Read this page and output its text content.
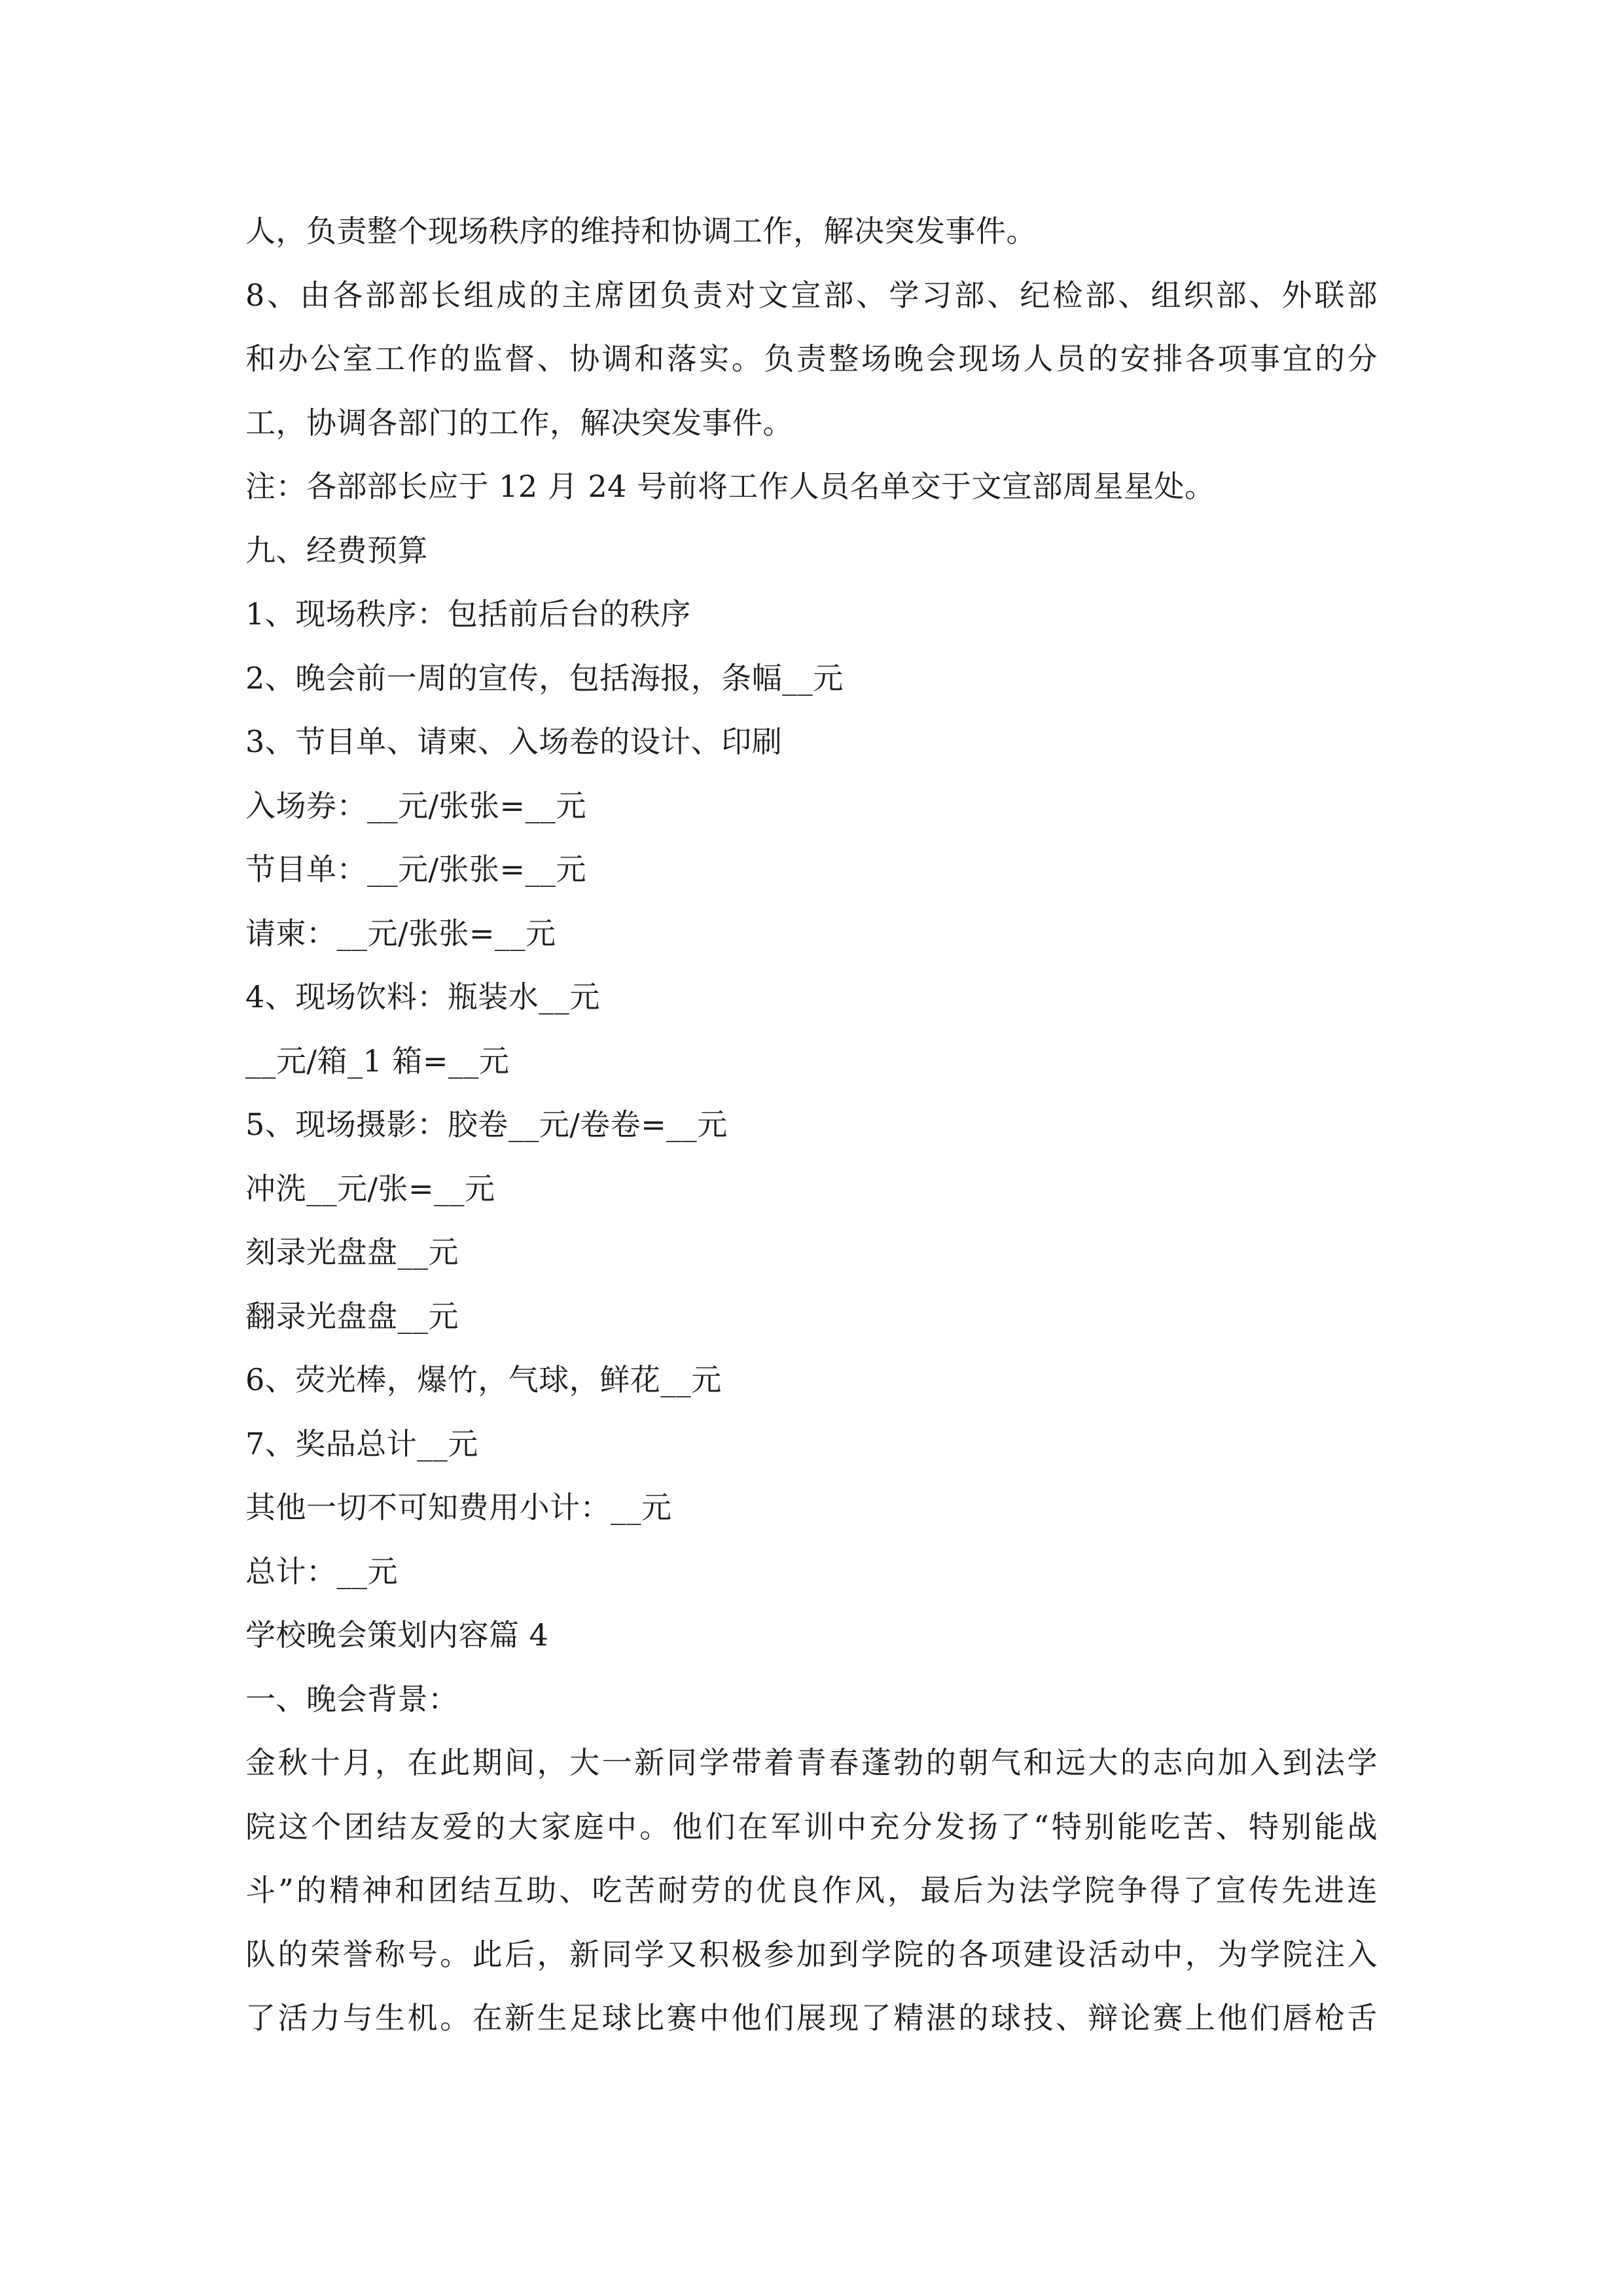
人，负责整个现场秩序的维持和协调工作，解决突发事件。
8、由各部部长组成的主席团负责对文宣部、学习部、纪检部、组织部、外联部
和办公室工作的监督、协调和落实。负责整场晚会现场人员的安排各项事宜的分
工，协调各部门的工作，解决突发事件。
注：各部部长应于 12 月 24 号前将工作人员名单交于文宣部周星星处。
九、经费预算
1、现场秩序：包括前后台的秩序
2、晚会前一周的宣传，包括海报，条幅__元
3、节目单、请柬、入场卷的设计、印刷
入场券：__元/张张=__元
节目单：__元/张张=__元
请柬：__元/张张=__元
4、现场饮料：瓶装水__元
__元/箱_1 箱=__元
5、现场摄影：胶卷__元/卷卷=__元
冲洗__元/张=__元
刻录光盘盘__元
翻录光盘盘__元
6、荧光棒，爆竹，气球，鲜花__元
7、奖品总计__元
其他一切不可知费用小计：__元
总计：__元
学校晚会策划内容篇 4
一、晚会背景：
金秋十月，在此期间，大一新同学带着青春蓬勃的朝气和远大的志向加入到法学
院这个团结友爱的大家庭中。他们在军训中充分发扬了“特别能吃苦、特别能战
斗”的精神和团结互助、吃苦耐劳的优良作风，最后为法学院争得了宣传先进连
队的荣誉称号。此后，新同学又积极参加到学院的各项建设活动中，为学院注入
了活力与生机。在新生足球比赛中他们展现了精湛的球技、辩论赛上他们唇枪舌
